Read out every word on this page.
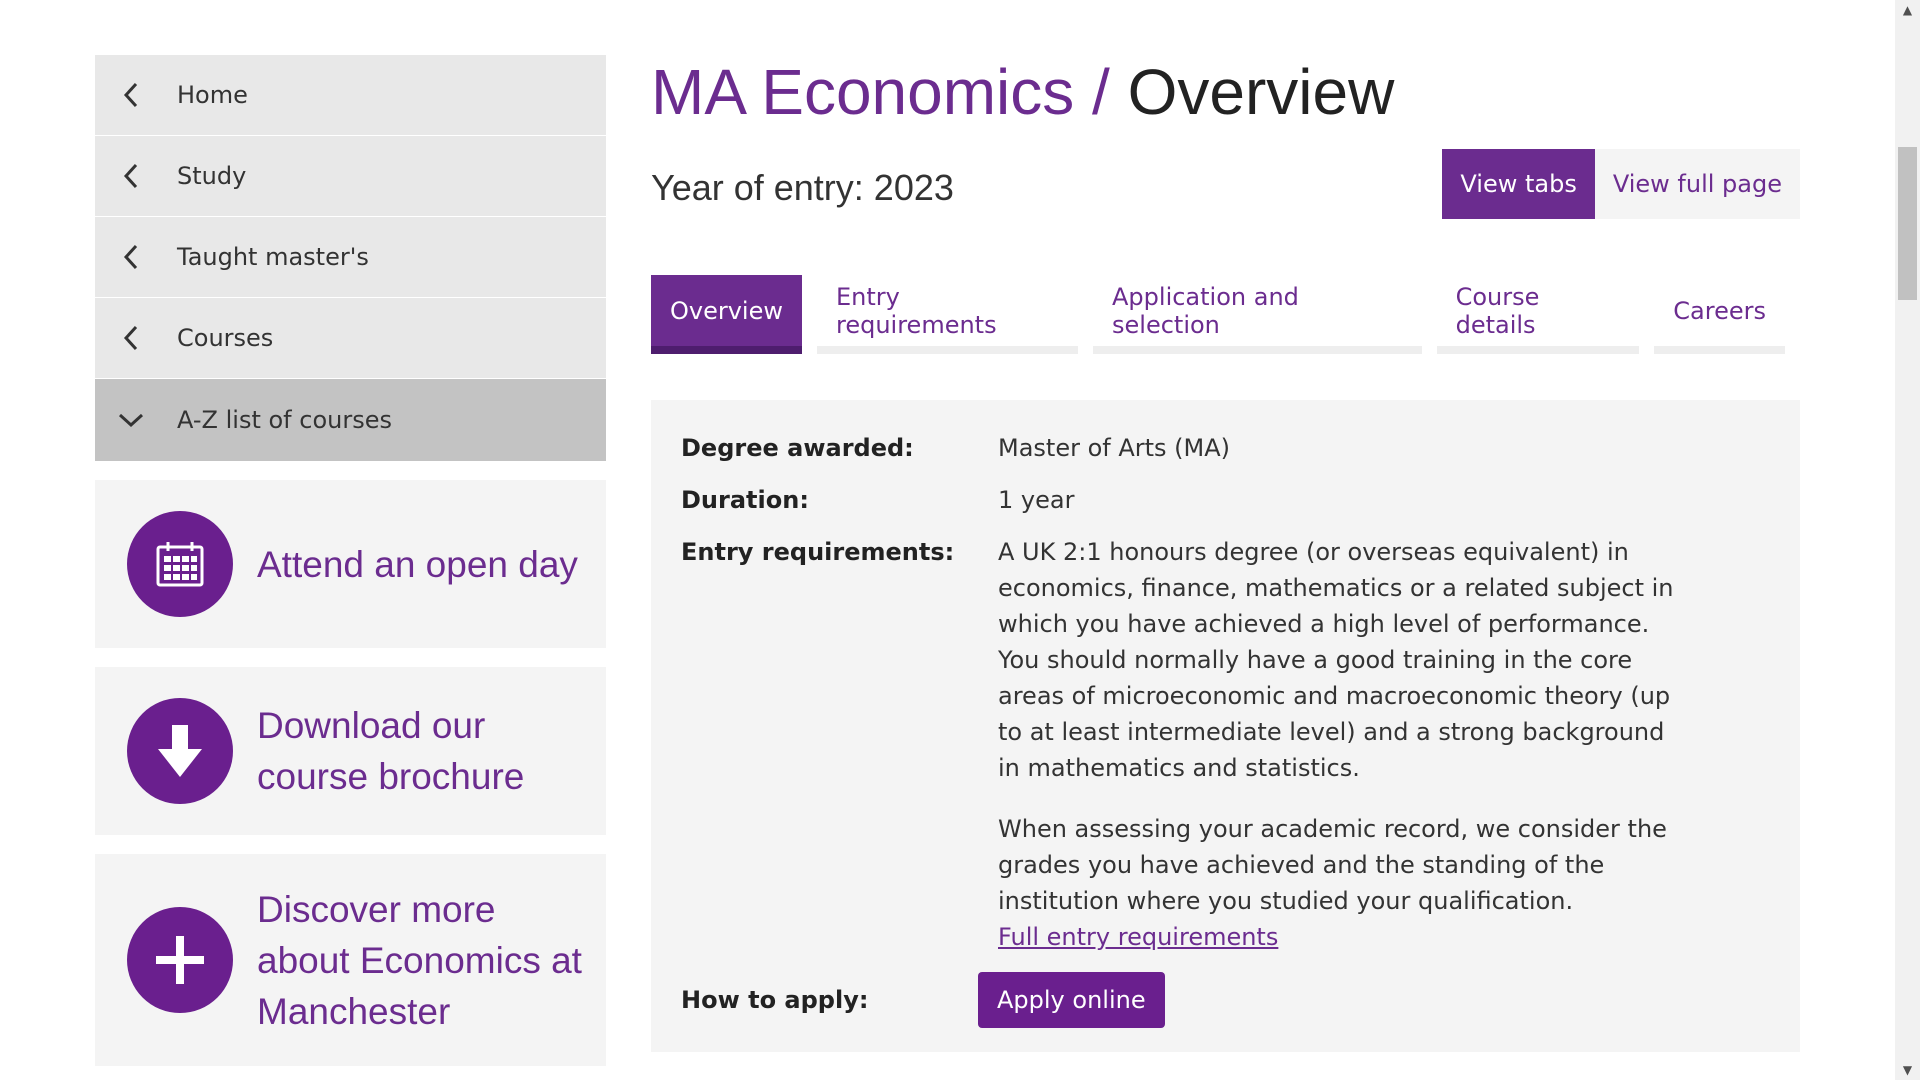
Home
Study
Taught master's
Courses
A-Z list of courses
Attend an open day
Download our course brochure
Discover more about Economics at Manchester
MA Economics / Overview
Year of entry: 2023	View tabs	View full page
Overview	Entry requirements
Application and selection
Course details	Careers
Degree awarded:	Master of Arts (MA)
Duration:	1 year
Entry requirements:	A UK 2:1 honours degree (or overseas equivalent) in economics, finance, mathematics or a related subject in which you have achieved a high level of performance. You should normally have a good training in the core areas of microeconomic and macroeconomic theory (up to at least intermediate level) and a strong background in mathematics and statistics.

When assessing your academic record, we consider the grades you have achieved and the standing of the institution where you studied your qualification.

Full entry requirements
How to apply:	Apply online
▲
▼
